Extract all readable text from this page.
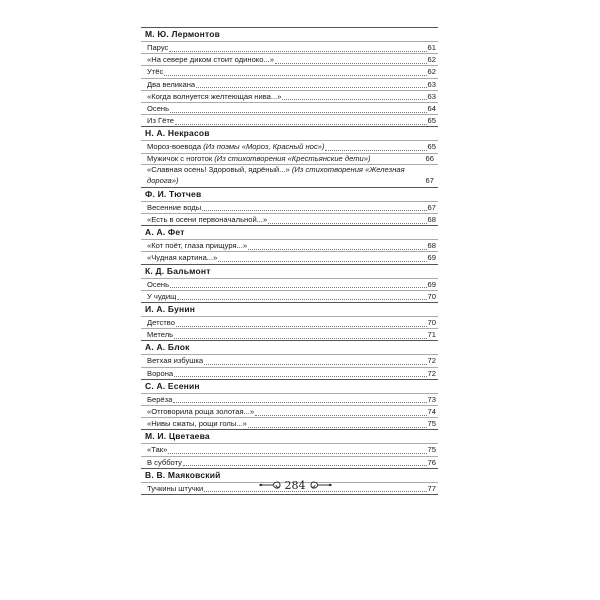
М. Ю. Лермонтов
Парус	61
«На севере диком стоит одиноко...»	62
Утёс	62
Два великана	63
«Когда волнуется желтеющая нива...»	63
Осень	64
Из Гёте	65
Н. А. Некрасов
Мороз-воевода (Из поэмы «Мороз, Красный нос»)	65
Мужичок с ноготок (Из стихотворения «Крестьянские дети»)	66
«Славная осень! Здоровый, ядрёный...» (Из стихотворения «Железная дорога»)	67
Ф. И. Тютчев
Весенние воды	67
«Есть в осени первоначальной...»	68
А. А. Фет
«Кот поёт, глаза прищуря...»	68
«Чудная картина...»	69
К. Д. Бальмонт
Осень	69
У чудищ	70
И. А. Бунин
Детство	70
Метель	71
А. А. Блок
Ветхая избушка	72
Ворона	72
С. А. Есенин
Берёза	73
«Отговорила роща золотая...»	74
«Нивы сжаты, рощи голы...»	75
М. И. Цветаева
«Так»	75
В субботу	76
В. В. Маяковский
Тучкины штучки	77
284
